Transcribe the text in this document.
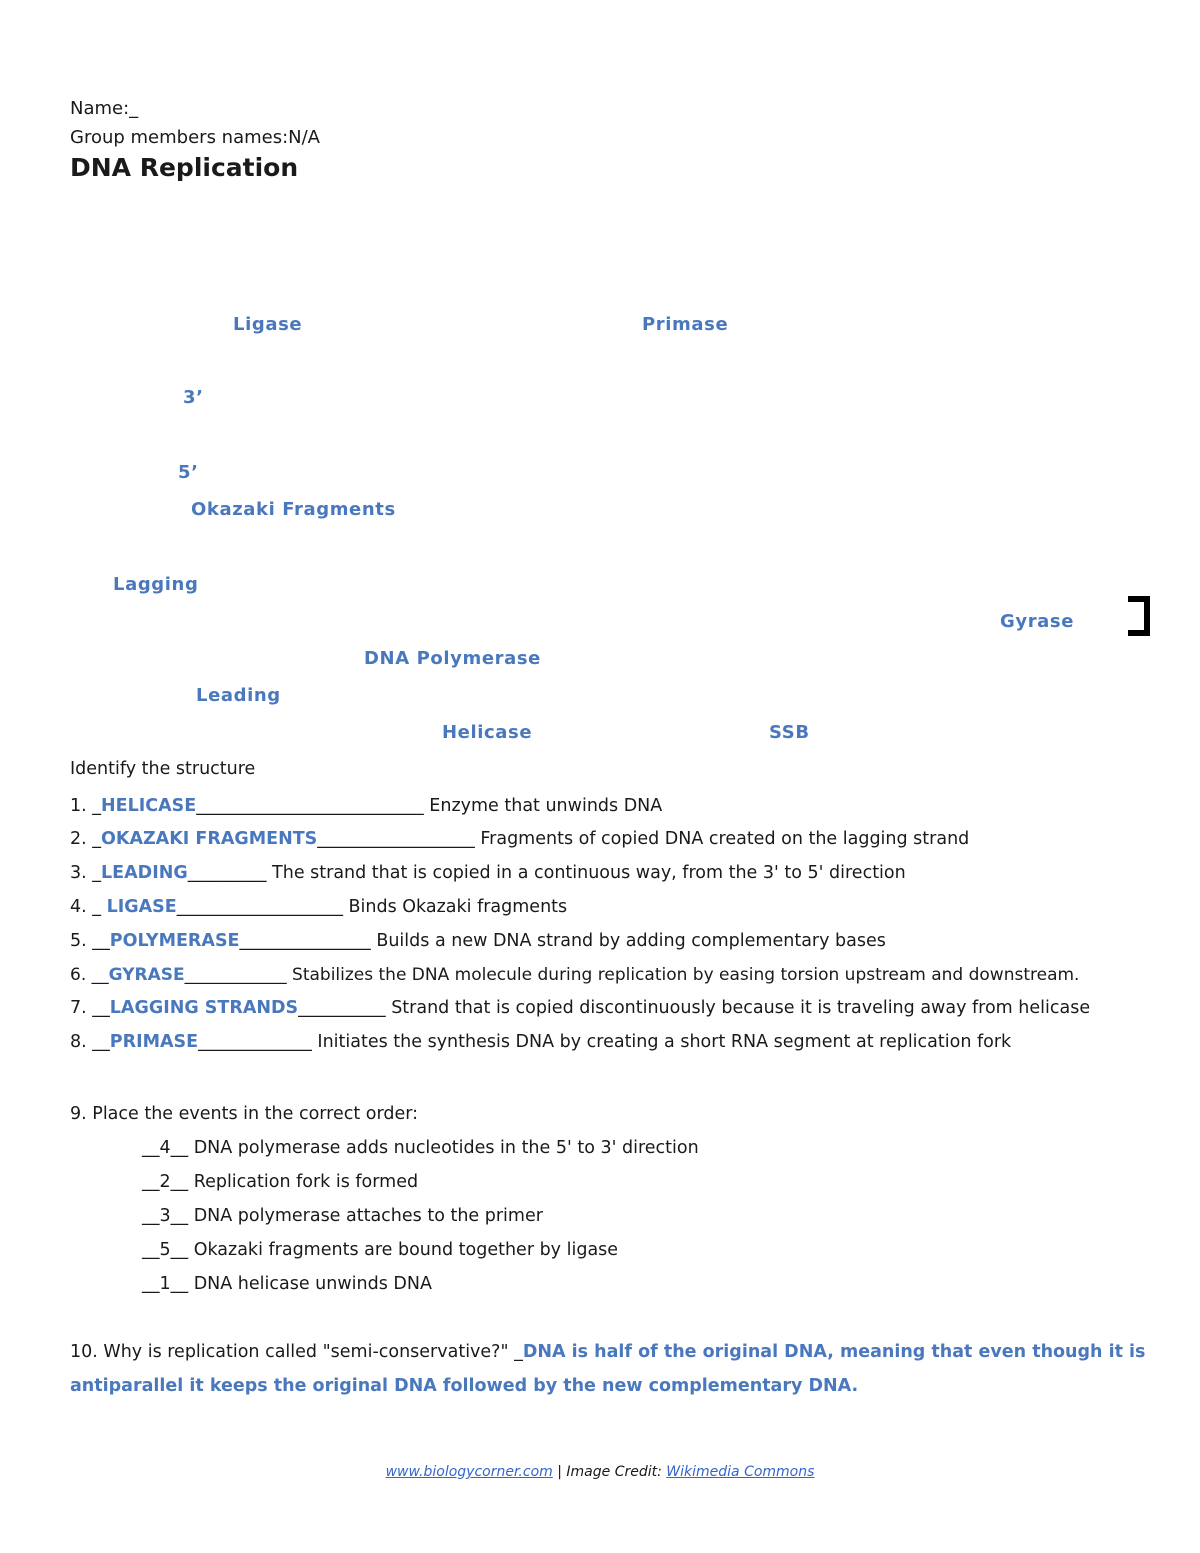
Name:_
Group members names:N/A
DNA Replication
Ligase	Primase
3’
5’
Okazaki Fragments
Lagging
Gyrase
DNA Polymerase
Leading
Helicase	SSB
Identify the structure
1. _HELICASE__________________________ Enzyme that unwinds DNA
2. _OKAZAKI FRAGMENTS__________________ Fragments of copied DNA created on the lagging strand
3. _LEADING_________ The strand that is copied in a continuous way, from the 3' to 5' direction
4. _ LIGASE___________________ Binds Okazaki fragments
5. __POLYMERASE_______________ Builds a new DNA strand by adding complementary bases
6. __GYRASE____________ Stabilizes the DNA molecule during replication by easing torsion upstream and downstream.
7. __LAGGING STRANDS__________ Strand that is copied discontinuously because it is traveling away from helicase
8. __PRIMASE_____________ Initiates the synthesis DNA by creating a short RNA segment at replication fork
9. Place the events in the correct order:
__4__ DNA polymerase adds nucleotides in the 5' to 3' direction
__2__ Replication fork is formed
__3__ DNA polymerase attaches to the primer
__5__ Okazaki fragments are bound together by ligase
__1__ DNA helicase unwinds DNA
10. Why is replication called "semi-conservative?" _DNA is half of the original DNA, meaning that even though it is antiparallel it keeps the original DNA followed by the new complementary DNA.
www.biologycorner.com | Image Credit: Wikimedia Commons
